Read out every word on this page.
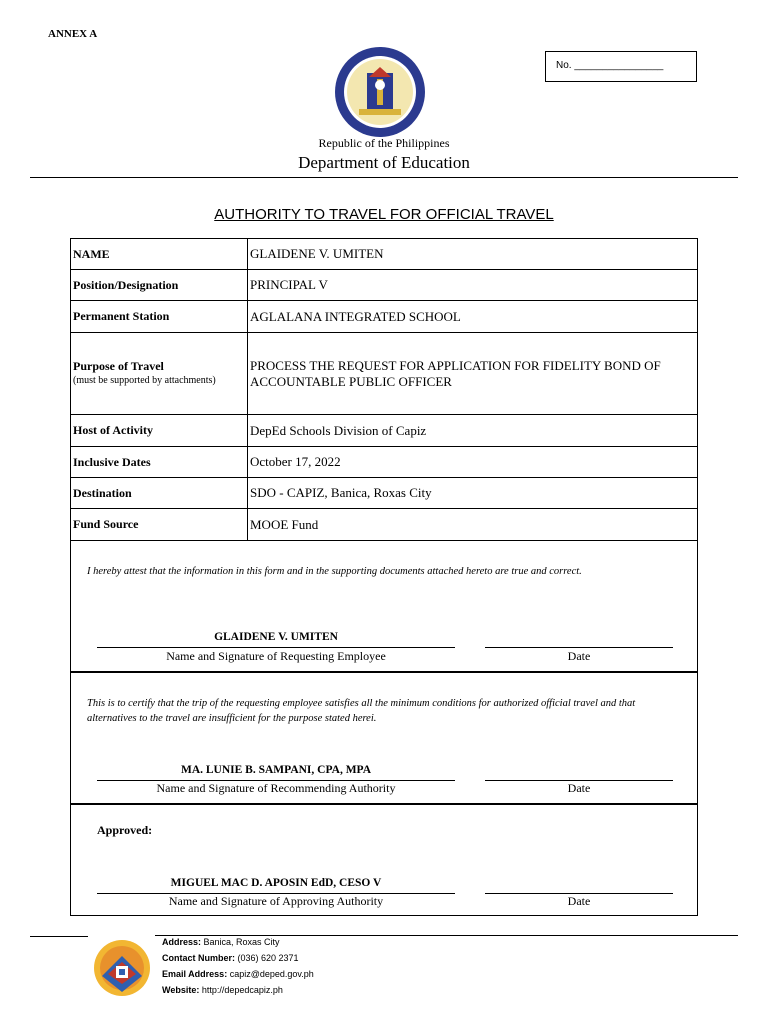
ANNEX A
No. ________________
Republic of the Philippines
Department of Education
AUTHORITY TO TRAVEL FOR OFFICIAL TRAVEL
NAME	GLAIDENE V. UMITEN
Position/Designation	PRINCIPAL V
Permanent Station	AGLALANA INTEGRATED SCHOOL
Purpose of Travel
(must be supported by attachments)	PROCESS THE REQUEST FOR APPLICATION FOR FIDELITY BOND OF ACCOUNTABLE PUBLIC OFFICER
Host of Activity	DepEd Schools Division of Capiz
Inclusive Dates	October 17, 2022
Destination	SDO - CAPIZ, Banica, Roxas City
Fund Source	MOOE Fund
I hereby attest that the information in this form and in the supporting documents attached hereto are true and correct.
GLAIDENE V. UMITEN
Name and Signature of Requesting Employee	Date
This is to certify that the trip of the requesting employee satisfies all the minimum conditions for authorized official travel and that alternatives to the travel are insufficient for the purpose stated herei.
MA. LUNIE B. SAMPANI, CPA, MPA
Name and Signature of Recommending Authority	Date
Approved:
MIGUEL MAC D. APOSIN EdD, CESO V
Name and Signature of Approving Authority	Date
Address: Banica, Roxas City
Contact Number: (036) 620 2371
Email Address: capiz@deped.gov.ph
Website: http://depedcapiz.ph
